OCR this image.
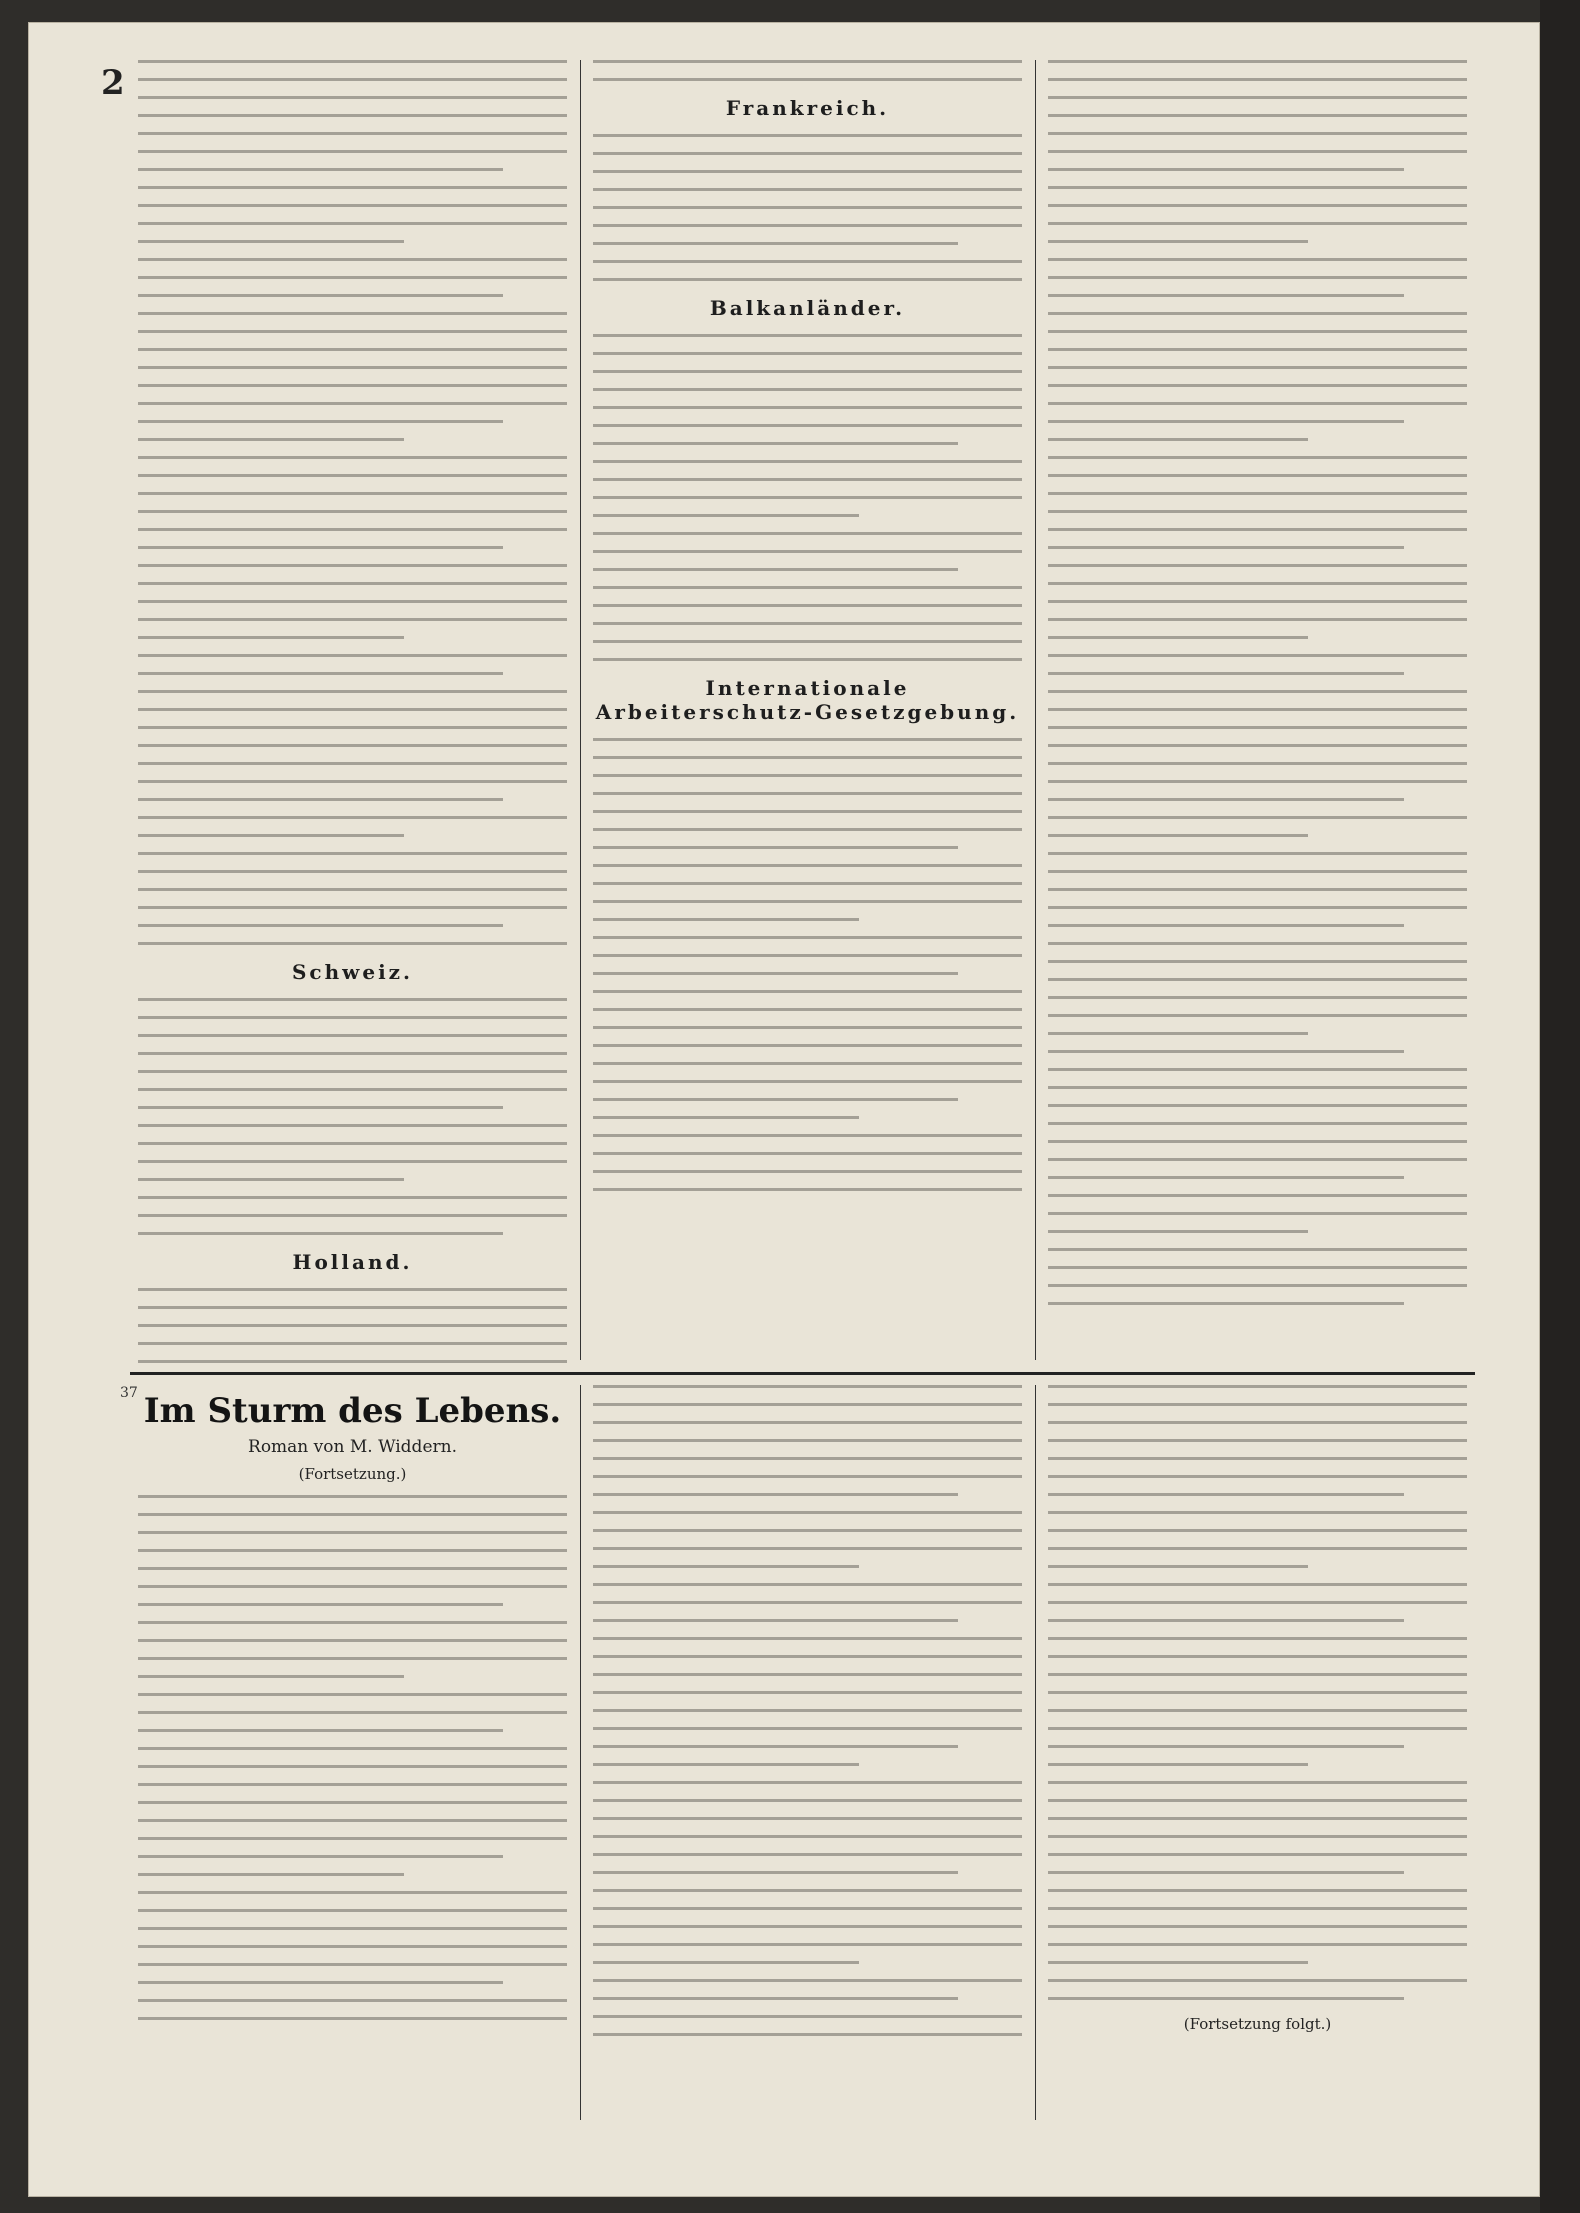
2
Schweiz.
Holland.
Frankreich.
Balkanländer.
Internationale Arbeiterschutz-Gesetzgebung.
37 Im Sturm des Lebens.
Roman von M. Widdern.
(Fortsetzung.)
(Fortsetzung folgt.)
